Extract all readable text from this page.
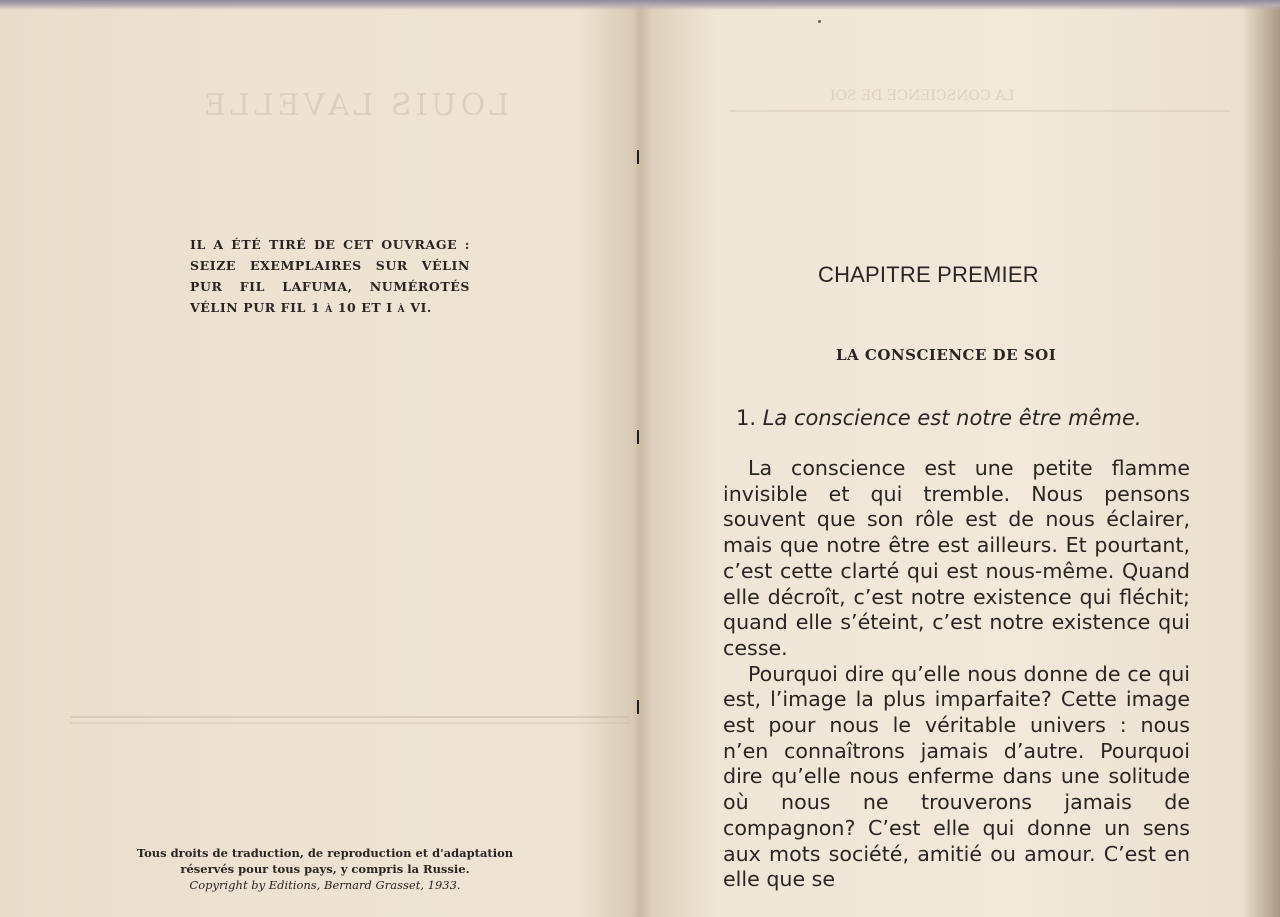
LOUIS LAVELLE
IL A ÉTÉ TIRÉ DE CET OUVRAGE : SEIZE EXEMPLAIRES SUR VÉLIN PUR FIL LAFUMA, NUMÉROTÉS VÉLIN PUR FIL 1 à 10 ET I à VI.
Tous droits de traduction, de reproduction et d'adaptation
réservés pour tous pays, y compris la Russie.
Copyright by Editions, Bernard Grasset, 1933.
LA CONSCIENCE DE SOI
CHAPITRE PREMIER
LA CONSCIENCE DE SOI
1. La conscience est notre être même.

La conscience est une petite flamme invisible et qui tremble. Nous pensons souvent que son rôle est de nous éclairer, mais que notre être est ailleurs. Et pourtant, c’est cette clarté qui est nous-même. Quand elle décroît, c’est notre existence qui fléchit; quand elle s’éteint, c’est notre existence qui cesse.

Pourquoi dire qu’elle nous donne de ce qui est, l’image la plus imparfaite? Cette image est pour nous le véritable univers : nous n’en connaîtrons jamais d’autre. Pourquoi dire qu’elle nous enferme dans une solitude où nous ne trouverons jamais de compagnon? C’est elle qui donne un sens aux mots société, amitié ou amour. C’est en elle que se
